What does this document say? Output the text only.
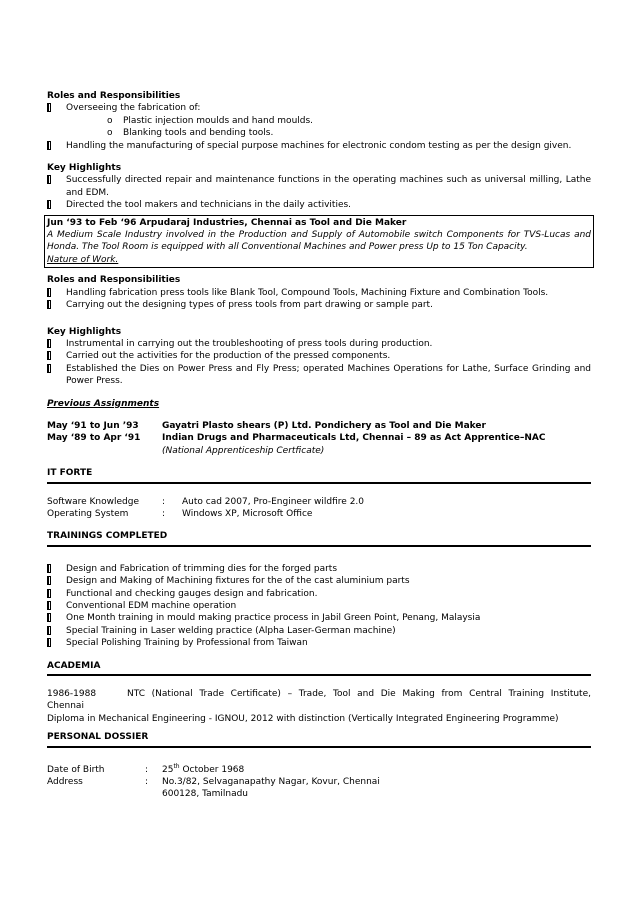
Roles and Responsibilities
Overseeing the fabrication of:
o Plastic injection moulds and hand moulds.
o Blanking tools and bending tools.
Handling the manufacturing of special purpose machines for electronic condom testing as per the design given.
Key Highlights
Successfully directed repair and maintenance functions in the operating machines such as universal milling, Lathe and EDM.
Directed the tool makers and technicians in the daily activities.
Jun ‘93 to Feb ‘96 Arpudaraj Industries, Chennai as Tool and Die Maker
A Medium Scale Industry involved in the Production and Supply of Automobile switch Components for TVS-Lucas and Honda. The Tool Room is equipped with all Conventional Machines and Power press Up to 15 Ton Capacity.
Nature of Work.
Roles and Responsibilities
Handling fabrication press tools like Blank Tool, Compound Tools, Machining Fixture and Combination Tools.
Carrying out the designing types of press tools from part drawing or sample part.
Key Highlights
Instrumental in carrying out the troubleshooting of press tools during production.
Carried out the activities for the production of the pressed components.
Established the Dies on Power Press and Fly Press; operated Machines Operations for Lathe, Surface Grinding and Power Press.
Previous Assignments
May ‘91 to Jun ’93	Gayatri Plasto shears (P) Ltd. Pondichery as Tool and Die Maker
May ‘89 to Apr ‘91	Indian Drugs and Pharmaceuticals Ltd, Chennai – 89 as Act Apprentice–NAC
(National Apprenticeship Certficate)
IT FORTE
Software Knowledge	:	Auto cad 2007, Pro-Engineer wildfire 2.0
Operating System	:	Windows XP, Microsoft Office
TRAININGS COMPLETED
Design and Fabrication of trimming dies for the forged parts
Design and Making of Machining fixtures for the of the cast aluminium parts
Functional and checking gauges design and fabrication.
Conventional EDM machine operation
One Month training in mould making practice process in Jabil Green Point, Penang, Malaysia
Special Training in Laser welding practice (Alpha Laser-German machine)
Special Polishing Training by Professional from Taiwan
ACADEMIA
1986-1988	NTC (National Trade Certificate) – Trade, Tool and Die Making from Central Training Institute,
Chennai
Diploma in Mechanical Engineering - IGNOU, 2012 with distinction (Vertically Integrated Engineering Programme)
PERSONAL DOSSIER
Date of Birth	:	25th October 1968
Address	:	No.3/82, Selvaganapathy Nagar, Kovur, Chennai
600128, Tamilnadu
